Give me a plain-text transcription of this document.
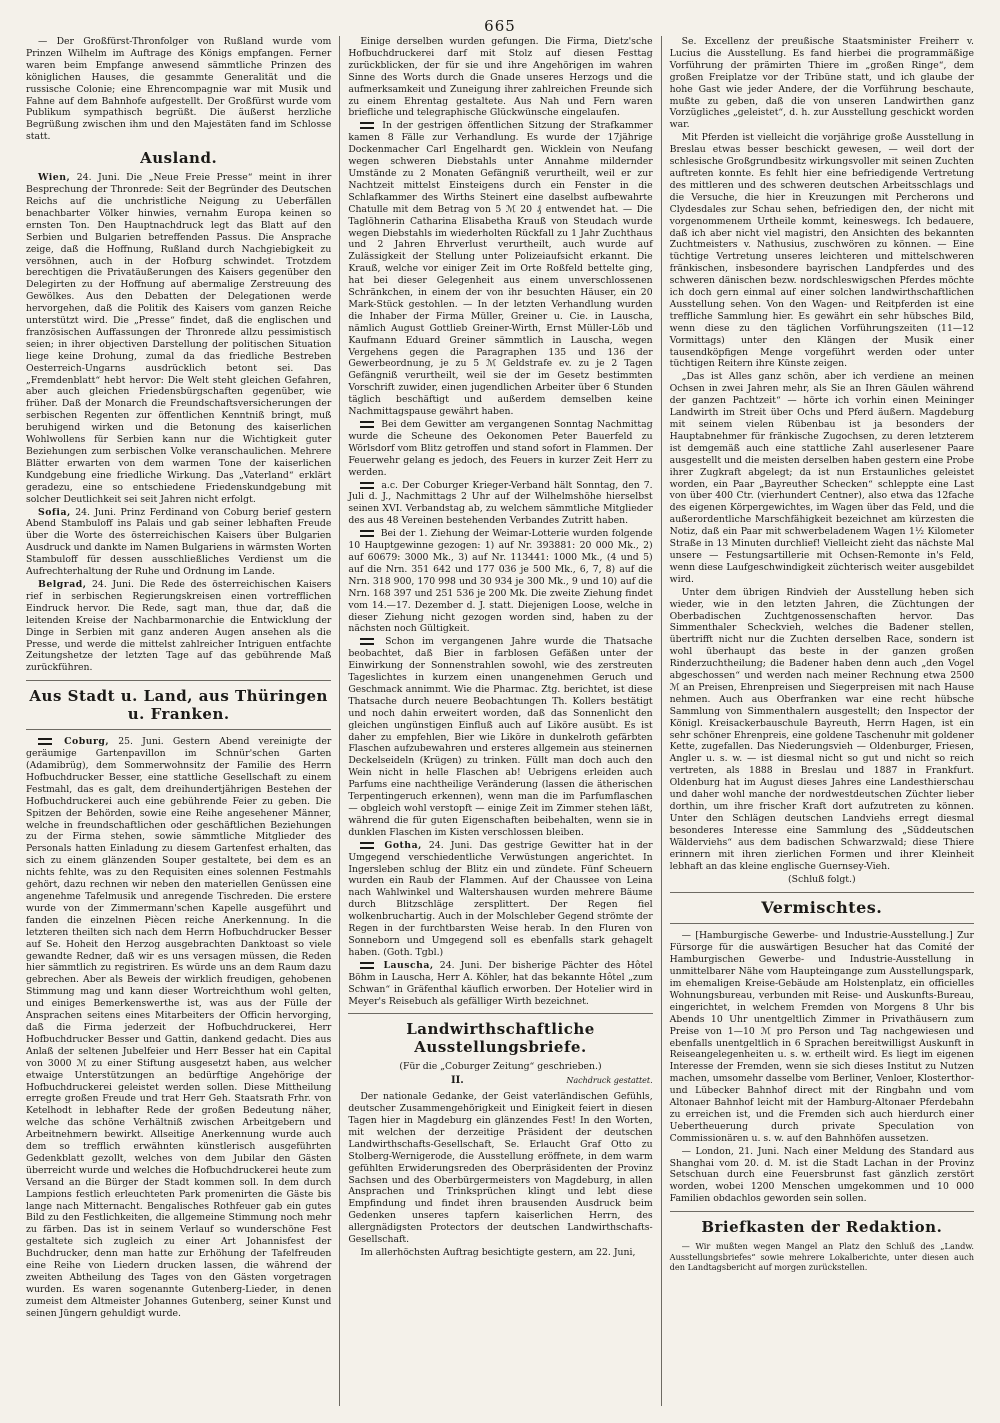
665

— Der Großfürst-Thronfolger von Rußland wurde vom Prinzen Wilhelm im Auftrage des Königs empfangen. Ferner waren beim Empfange anwesend sämmtliche Prinzen des königlichen Hauses, die gesammte Generalität und die russische Colonie; eine Ehrencompagnie war mit Musik und Fahne auf dem Bahnhofe aufgestellt. Der Großfürst wurde vom Publikum sympathisch begrüßt. Die äußerst herzliche Begrüßung zwischen ihm und den Majestäten fand im Schlosse statt.

Ausland.

Wien, 24. Juni. Die „Neue Freie Presse“ meint in ihrer Besprechung der Thronrede: Seit der Begründer des Deutschen Reichs auf die unchristliche Neigung zu Ueberfällen benachbarter Völker hinwies, vernahm Europa keinen so ernsten Ton. Den Hauptnachdruck legt das Blatt auf den Serbien und Bulgarien betreffenden Passus. Die Ansprache zeige, daß die Hoffnung, Rußland durch Nachgiebigkeit zu versöhnen, auch in der Hofburg schwindet. Trotzdem berechtigen die Privatäußerungen des Kaisers gegenüber den Delegirten zu der Hoffnung auf abermalige Zerstreuung des Gewölkes. Aus den Debatten der Delegationen werde hervorgehen, daß die Politik des Kaisers vom ganzen Reiche unterstützt wird. Die „Presse“ findet, daß die englischen und französischen Auffassungen der Thronrede allzu pessimistisch seien; in ihrer objectiven Darstellung der politischen Situation liege keine Drohung, zumal da das friedliche Bestreben Oesterreich-Ungarns ausdrücklich betont sei. Das „Fremdenblatt“ hebt hervor: Die Welt steht gleichen Gefahren, aber auch gleichen Friedensbürgschaften gegenüber, wie früher. Daß der Monarch die Freundschaftsversicherungen der serbischen Regenten zur öffentlichen Kenntniß bringt, muß beruhigend wirken und die Betonung des kaiserlichen Wohlwollens für Serbien kann nur die Wichtigkeit guter Beziehungen zum serbischen Volke veranschaulichen. Mehrere Blätter erwarten von dem warmen Tone der kaiserlichen Kundgebung eine friedliche Wirkung. Das „Vaterland“ erklärt geradezu, eine so entschiedene Friedenskundgebung mit solcher Deutlichkeit sei seit Jahren nicht erfolgt.

Sofia, 24. Juni. Prinz Ferdinand von Coburg berief gestern Abend Stambuloff ins Palais und gab seiner lebhaften Freude über die Worte des österreichischen Kaisers über Bulgarien Ausdruck und dankte im Namen Bulgariens in wärmsten Worten Stambuloff für dessen ausschließliches Verdienst um die Aufrechterhaltung der Ruhe und Ordnung im Lande.

Belgrad, 24. Juni. Die Rede des österreichischen Kaisers rief in serbischen Regierungskreisen einen vortrefflichen Eindruck hervor. Die Rede, sagt man, thue dar, daß die leitenden Kreise der Nachbarmonarchie die Entwicklung der Dinge in Serbien mit ganz anderen Augen ansehen als die Presse, und werde die mittelst zahlreicher Intriguen entfachte Zeitungshetze der letzten Tage auf das gebührende Maß zurückführen.

Aus Stadt u. Land, aus Thüringen u. Franken.

Coburg, 25. Juni. Gestern Abend vereinigte der geräumige Gartenpavillon im Schnür'schen Garten (Adamibrüg), dem Sommerwohnsitz der Familie des Herrn Hofbuchdrucker Besser, eine stattliche Gesellschaft zu einem Festmahl, das es galt, dem dreihundertjährigen Bestehen der Hofbuchdruckerei auch eine gebührende Feier zu geben. Die Spitzen der Behörden, sowie eine Reihe angesehener Männer, welche in freundschaftlichen oder geschäftlichen Beziehungen zu der Firma stehen, sowie sämmtliche Mitglieder des Personals hatten Einladung zu diesem Gartenfest erhalten, das sich zu einem glänzenden Souper gestaltete, bei dem es an nichts fehlte, was zu den Requisiten eines solennen Festmahls gehört, dazu rechnen wir neben den materiellen Genüssen eine angenehme Tafelmusik und anregende Tischreden. Die erstere wurde von der Zimmermann'schen Kapelle ausgeführt und fanden die einzelnen Piècen reiche Anerkennung. In die letzteren theilten sich nach dem Herrn Hofbuchdrucker Besser auf Se. Hoheit den Herzog ausgebrachten Danktoast so viele gewandte Redner, daß wir es uns versagen müssen, die Reden hier sämmtlich zu registriren. Es würde uns an dem Raum dazu gebrechen. Aber als Beweis der wirklich freudigen, gehobenen Stimmung mag und kann dieser Wortreichthum wohl gelten, und einiges Bemerkenswerthe ist, was aus der Fülle der Ansprachen seitens eines Mitarbeiters der Officin hervorging, daß die Firma jederzeit der Hofbuchdruckerei, Herr Hofbuchdrucker Besser und Gattin, dankend gedacht. Dies aus Anlaß der seltenen Jubelfeier und Herr Besser hat ein Capital von 3000 ℳ zu einer Stiftung ausgesetzt haben, aus welcher etwaige Unterstützungen an bedürftige Angehörige der Hofbuchdruckerei geleistet werden sollen. Diese Mittheilung erregte großen Freude und trat Herr Geh. Staatsrath Frhr. von Ketelhodt in lebhafter Rede der großen Bedeutung näher, welche das schöne Verhältniß zwischen Arbeitgebern und Arbeitnehmern bewirkt. Allseitige Anerkennung wurde auch dem so trefflich erwähnten künstlerisch ausgeführten Gedenkblatt gezollt, welches von dem Jubilar den Gästen überreicht wurde und welches die Hofbuchdruckerei heute zum Versand an die Bürger der Stadt kommen soll. In dem durch Lampions festlich erleuchteten Park promenirten die Gäste bis lange nach Mitternacht. Bengalisches Rothfeuer gab ein gutes Bild zu den Festlichkeiten, die allgemeine Stimmung noch mehr zu färben. Das ist in seinem Verlauf so wunderschöne Fest gestaltete sich zugleich zu einer Art Johannisfest der Buchdrucker, denn man hatte zur Erhöhung der Tafelfreuden eine Reihe von Liedern drucken lassen, die während der zweiten Abtheilung des Tages von den Gästen vorgetragen wurden. Es waren sogenannte Gutenberg-Lieder, in denen zumeist dem Altmeister Johannes Gutenberg, seiner Kunst und seinen Jüngern gehuldigt wurde.

Einige derselben wurden gefungen. Die Firma, Dietz'sche Hofbuchdruckerei darf mit Stolz auf diesen Festtag zurückblicken, der für sie und ihre Angehörigen im wahren Sinne des Worts durch die Gnade unseres Herzogs und die aufmerksamkeit und Zuneigung ihrer zahlreichen Freunde sich zu einem Ehrentag gestaltete. Aus Nah und Fern waren briefliche und telegraphische Glückwünsche eingelaufen.

In der gestrigen öffentlichen Sitzung der Strafkammer kamen 8 Fälle zur Verhandlung. Es wurde der 17jährige Dockenmacher Carl Engelhardt gen. Wicklein von Neufang wegen schweren Diebstahls unter Annahme mildernder Umstände zu 2 Monaten Gefängniß verurtheilt, weil er zur Nachtzeit mittelst Einsteigens durch ein Fenster in die Schlafkammer des Wirths Steinert eine daselbst aufbewahrte Chatulle mit dem Betrag von 5 ℳ 20 ₰ entwendet hat. — Die Taglöhnerin Catharina Elisabetha Krauß von Steudach wurde wegen Diebstahls im wiederholten Rückfall zu 1 Jahr Zuchthaus und 2 Jahren Ehrverlust verurtheilt, auch wurde auf Zulässigkeit der Stellung unter Polizeiaufsicht erkannt. Die Krauß, welche vor einiger Zeit im Orte Roßfeld bettelte ging, hat bei dieser Gelegenheit aus einem unverschlossenen Schränkchen, in einem der von ihr besuchten Häuser, ein 20 Mark-Stück gestohlen. — In der letzten Verhandlung wurden die Inhaber der Firma Müller, Greiner u. Cie. in Lauscha, nämlich August Gottlieb Greiner-Wirth, Ernst Müller-Löb und Kaufmann Eduard Greiner sämmtlich in Lauscha, wegen Vergehens gegen die Paragraphen 135 und 136 der Gewerbeordnung, je zu 5 ℳ Geldstrafe ev. zu je 2 Tagen Gefängniß verurtheilt, weil sie der im Gesetz bestimmten Vorschrift zuwider, einen jugendlichen Arbeiter über 6 Stunden täglich beschäftigt und außerdem demselben keine Nachmittagspause gewährt haben.

Bei dem Gewitter am vergangenen Sonntag Nachmittag wurde die Scheune des Oekonomen Peter Bauerfeld zu Wörlsdorf vom Blitz getroffen und stand sofort in Flammen. Der Feuerwehr gelang es jedoch, des Feuers in kurzer Zeit Herr zu werden.

a.c. Der Coburger Krieger-Verband hält Sonntag, den 7. Juli d. J., Nachmittags 2 Uhr auf der Wilhelmshöhe hierselbst seinen XVI. Verbandstag ab, zu welchem sämmtliche Mitglieder des aus 48 Vereinen bestehenden Verbandes Zutritt haben.

Bei der 1. Ziehung der Weimar-Lotterie wurden folgende 10 Hauptgewinne gezogen: 1) auf Nr. 393881: 20 000 Mk., 2) auf 60679: 3000 Mk., 3) auf Nr. 113441: 1000 Mk., (4 und 5) auf die Nrn. 351 642 und 177 036 je 500 Mk., 6, 7, 8) auf die Nrn. 318 900, 170 998 und 30 934 je 300 Mk., 9 und 10) auf die Nrn. 168 397 und 251 536 je 200 Mk. Die zweite Ziehung findet vom 14.—17. Dezember d. J. statt. Diejenigen Loose, welche in dieser Ziehung nicht gezogen worden sind, haben zu der nächsten noch Gültigkeit.

Schon im vergangenen Jahre wurde die Thatsache beobachtet, daß Bier in farblosen Gefäßen unter der Einwirkung der Sonnenstrahlen sowohl, wie des zerstreuten Tageslichtes in kurzem einen unangenehmen Geruch und Geschmack annimmt. Wie die Pharmac. Ztg. berichtet, ist diese Thatsache durch neuere Beobachtungen Th. Kollers bestätigt und noch dahin erweitert worden, daß das Sonnenlicht den gleichen ungünstigen Einfluß auch auf Liköre ausübt. Es ist daher zu empfehlen, Bier wie Liköre in dunkelroth gefärbten Flaschen aufzubewahren und ersteres allgemein aus steinernen Deckelseideln (Krügen) zu trinken. Füllt man doch auch den Wein nicht in helle Flaschen ab! Uebrigens erleiden auch Parfums eine nachtheilige Veränderung (lassen die ätherischen Terpentingeruch erkennen), wenn man die im Parfumflaschen — obgleich wohl verstopft — einige Zeit im Zimmer stehen läßt, während die für guten Eigenschaften beibehalten, wenn sie in dunklen Flaschen im Kisten verschlossen bleiben.

Gotha, 24. Juni. Das gestrige Gewitter hat in der Umgegend verschiedentliche Verwüstungen angerichtet. In Ingersleben schlug der Blitz ein und zündete. Fünf Scheuern wurden ein Raub der Flammen. Auf der Chaussee von Leina nach Wahlwinkel und Waltershausen wurden mehrere Bäume durch Blitzschläge zersplittert. Der Regen fiel wolkenbruchartig. Auch in der Molschleber Gegend strömte der Regen in der furchtbarsten Weise herab. In den Fluren von Sonneborn und Umgegend soll es ebenfalls stark gehagelt haben. (Goth. Tgbl.)

Lauscha, 24. Juni. Der bisherige Pächter des Hôtel Böhm in Lauscha, Herr A. Köhler, hat das bekannte Hôtel „zum Schwan“ in Gräfenthal käuflich erworben. Der Hotelier wird in Meyer's Reisebuch als gefälliger Wirth bezeichnet.

Landwirthschaftliche Ausstellungsbriefe.
(Für die „Coburger Zeitung“ geschrieben.)
II.	Nachdruck gestattet.

Der nationale Gedanke, der Geist vaterländischen Gefühls, deutscher Zusammengehörigkeit und Einigkeit feiert in diesen Tagen hier in Magdeburg ein glänzendes Fest! In den Worten, mit welchen der derzeitige Präsident der deutschen Landwirthschafts-Gesellschaft, Se. Erlaucht Graf Otto zu Stolberg-Wernigerode, die Ausstellung eröffnete, in dem warm gefühlten Erwiderungsreden des Oberpräsidenten der Provinz Sachsen und des Oberbürgermeisters von Magdeburg, in allen Ansprachen und Trinksprüchen klingt und lebt diese Empfindung und findet ihren brausenden Ausdruck beim Gedenken unseres tapfern kaiserlichen Herrn, des allergnädigsten Protectors der deutschen Landwirthschafts-Gesellschaft.

Im allerhöchsten Auftrag besichtigte gestern, am 22. Juni,

Se. Excellenz der preußische Staatsminister Freiherr v. Lucius die Ausstellung. Es fand hierbei die programmäßige Vorführung der prämirten Thiere im „großen Ringe“, dem großen Freiplatze vor der Tribüne statt, und ich glaube der hohe Gast wie jeder Andere, der die Vorführung beschaute, mußte zu geben, daß die von unseren Landwirthen ganz Vorzügliches „geleistet“, d. h. zur Ausstellung geschickt worden war.

Mit Pferden ist vielleicht die vorjährige große Ausstellung in Breslau etwas besser beschickt gewesen, — weil dort der schlesische Großgrundbesitz wirkungsvoller mit seinen Zuchten auftreten konnte. Es fehlt hier eine befriedigende Vertretung des mittleren und des schweren deutschen Arbeitsschlags und die Versuche, die hier in Kreuzungen mit Percherons und Clydesdales zur Schau sehen, befriedigen den, der nicht mit vorgenommenem Urtheile kommt, keineswegs. Ich bedauere, daß ich aber nicht viel magistri, den Ansichten des bekannten Zuchtmeisters v. Nathusius, zuschwören zu können. — Eine tüchtige Vertretung unseres leichteren und mittelschweren fränkischen, insbesondere bayrischen Landpferdes und des schweren dänischen bezw. nordschleswigschen Pferdes möchte ich doch gern einmal auf einer solchen landwirthschaftlichen Ausstellung sehen. Von den Wagen- und Reitpferden ist eine treffliche Sammlung hier. Es gewährt ein sehr hübsches Bild, wenn diese zu den täglichen Vorführungszeiten (11—12 Vormittags) unter den Klängen der Musik einer tausendköpfigen Menge vorgeführt werden oder unter tüchtigen Reitern ihre Künste zeigen.

„Das ist Alles ganz schön, aber ich verdiene an meinen Ochsen in zwei Jahren mehr, als Sie an Ihren Gäulen während der ganzen Pachtzeit“ — hörte ich vorhin einen Meininger Landwirth im Streit über Ochs und Pferd äußern. Magdeburg mit seinem vielen Rübenbau ist ja besonders der Hauptabnehmer für fränkische Zugochsen, zu deren letzterem ist demgemäß auch eine stattliche Zahl auserlesener Paare ausgestellt und die meisten derselben haben gestern eine Probe ihrer Zugkraft abgelegt; da ist nun Erstaunliches geleistet worden, ein Paar „Bayreuther Schecken“ schleppte eine Last von über 400 Ctr. (vierhundert Centner), also etwa das 12fache des eigenen Körpergewichtes, im Wagen über das Feld, und die außerordentliche Marschfähigkeit bezeichnet am kürzesten die Notiz, daß ein Paar mit schwerbeladenem Wagen 1½ Kilometer Straße in 13 Minuten durchlief! Vielleicht zieht das nächste Mal unsere — Festungsartillerie mit Ochsen-Remonte in's Feld, wenn diese Laufgeschwindigkeit züchterisch weiter ausgebildet wird.

Unter dem übrigen Rindvieh der Ausstellung heben sich wieder, wie in den letzten Jahren, die Züchtungen der Oberbadischen Zuchtgenossenschaften hervor. Das Simmenthaler Scheckvieh, welches die Badener stellen, übertrifft nicht nur die Zuchten derselben Race, sondern ist wohl überhaupt das beste in der ganzen großen Rinderzuchtheilung; die Badener haben denn auch „den Vogel abgeschossen“ und werden nach meiner Rechnung etwa 2500 ℳ an Preisen, Ehrenpreisen und Siegerpreisen mit nach Hause nehmen. Auch aus Oberfranken war eine recht hübsche Sammlung von Simmenthalern ausgestellt; den Inspector der Königl. Kreisackerbauschule Bayreuth, Herrn Hagen, ist ein sehr schöner Ehrenpreis, eine goldene Taschenuhr mit goldener Kette, zugefallen. Das Niederungsvieh — Oldenburger, Friesen, Angler u. s. w. — ist diesmal nicht so gut und nicht so reich vertreten, als 1888 in Breslau und 1887 in Frankfurt. Oldenburg hat im August dieses Jahres eine Landesthierschau und daher wohl manche der nordwestdeutschen Züchter lieber dorthin, um ihre frischer Kraft dort aufzutreten zu können. Unter den Schlägen deutschen Landviehs erregt diesmal besonderes Interesse eine Sammlung des „Süddeutschen Wälderviehs“ aus dem badischen Schwarzwald; diese Thiere erinnern mit ihren zierlichen Formen und ihrer Kleinheit lebhaft an das kleine englische Guernsey-Vieh.

(Schluß folgt.)
Vermischtes.

— [Hamburgische Gewerbe- und Industrie-Ausstellung.] Zur Fürsorge für die auswärtigen Besucher hat das Comité der Hamburgischen Gewerbe- und Industrie-Ausstellung in unmittelbarer Nähe vom Haupteingange zum Ausstellungspark, im ehemaligen Kreise-Gebäude am Holstenplatz, ein officielles Wohnungsbureau, verbunden mit Reise- und Auskunfts-Bureau, eingerichtet, in welchem Fremden von Morgens 8 Uhr bis Abends 10 Uhr unentgeltlich Zimmer in Privathäusern zum Preise von 1—10 ℳ pro Person und Tag nachgewiesen und ebenfalls unentgeltlich in 6 Sprachen bereitwilligst Auskunft in Reiseangelegenheiten u. s. w. ertheilt wird. Es liegt im eigenen Interesse der Fremden, wenn sie sich dieses Institut zu Nutzen machen, umsomehr dasselbe vom Berliner, Venloer, Klosterthor- und Lübecker Bahnhof direct mit der Ringbahn und vom Altonaer Bahnhof leicht mit der Hamburg-Altonaer Pferdebahn zu erreichen ist, und die Fremden sich auch hierdurch einer Uebertheuerung durch private Speculation von Commissionären u. s. w. auf den Bahnhöfen aussetzen.

— London, 21. Juni. Nach einer Meldung des Standard aus Shanghai vom 20. d. M. ist die Stadt Lachan in der Provinz Setschuan durch eine Feuersbrunst fast gänzlich zerstört worden, wobei 1200 Menschen umgekommen und 10 000 Familien obdachlos geworden sein sollen.

Briefkasten der Redaktion.

— Wir mußten wegen Mangel an Platz den Schluß des „Landw. Ausstellungsbriefes“ sowie mehrere Lokalberichte, unter diesen auch den Landtagsbericht auf morgen zurückstellen.
